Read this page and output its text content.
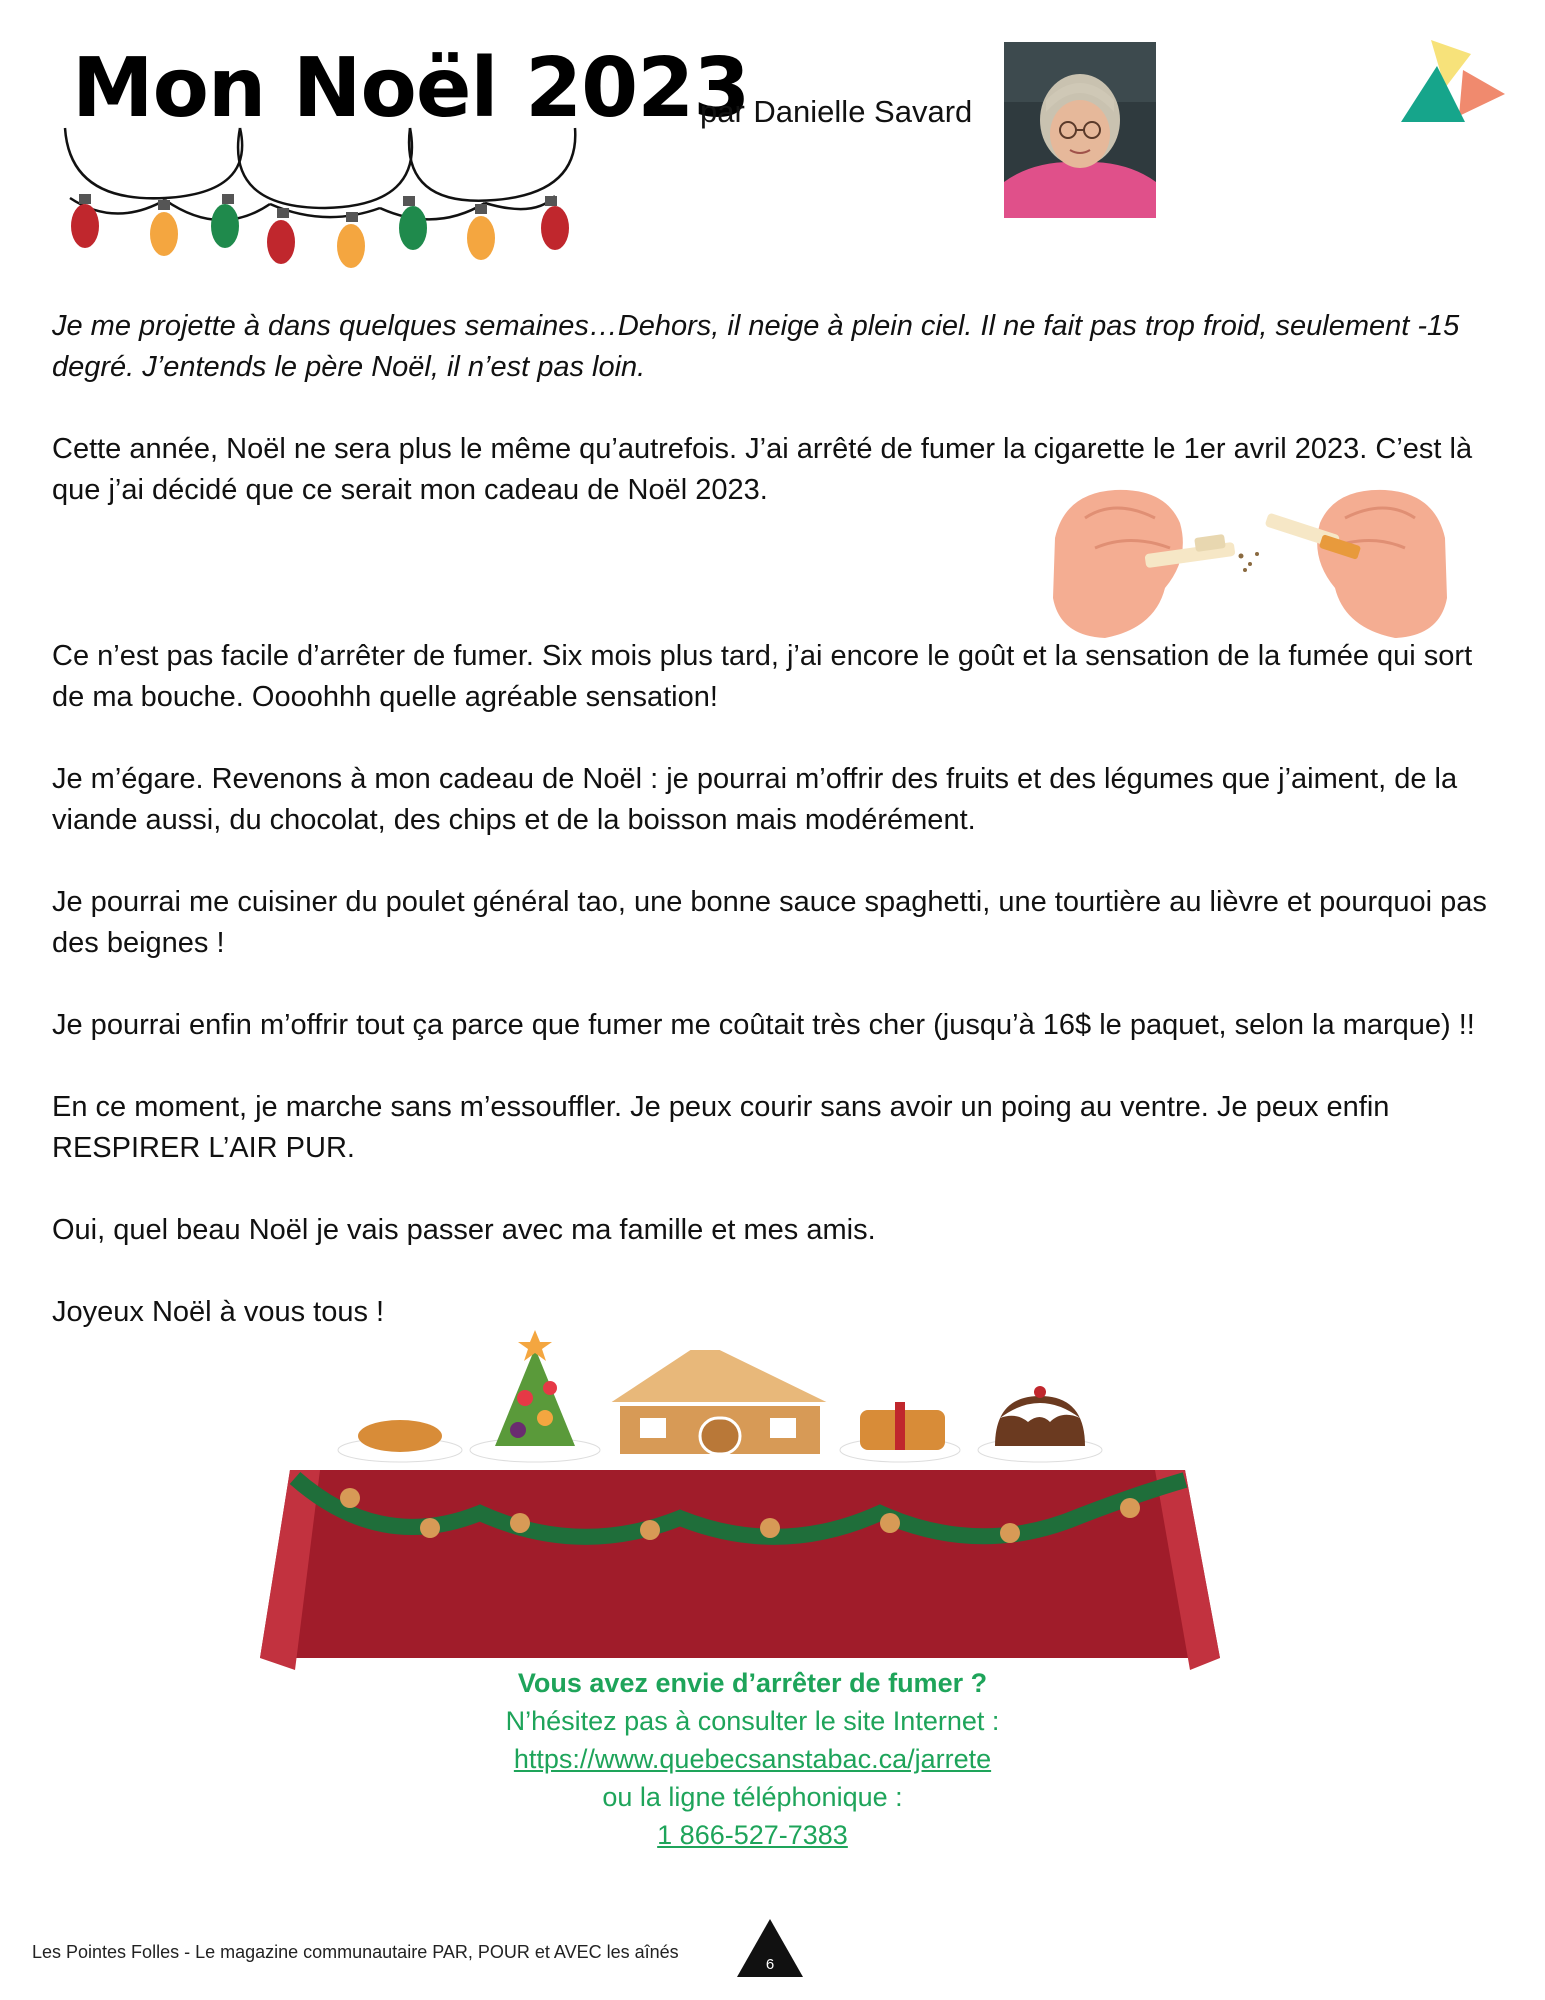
Mon Noël 2023
par Danielle Savard

Je me projette à dans quelques semaines…Dehors, il neige à plein ciel. Il ne fait pas trop froid, seulement -15 degré. J’entends le père Noël, il n’est pas loin.

Cette année, Noël ne sera plus le même qu’autrefois. J’ai arrêté de fumer la cigarette le 1er avril 2023. C’est là que j’ai décidé que ce serait mon cadeau de Noël 2023.

Ce n’est pas facile d’arrêter de fumer. Six mois plus tard, j’ai encore le goût et la sensation de la fumée qui sort de ma bouche. Oooohhh quelle agréable sensation!

Je m’égare. Revenons à mon cadeau de Noël : je pourrai m’offrir des fruits et des légumes que j’aiment, de la viande aussi, du chocolat, des chips et de la boisson mais modérément.

Je pourrai me cuisiner du poulet général tao, une bonne sauce spaghetti, une tourtière au lièvre et pourquoi pas des beignes !

Je pourrai enfin m’offrir tout ça parce que fumer me coûtait très cher (jusqu’à 16$ le paquet, selon la marque) !!

En ce moment, je marche sans m’essouffler. Je peux courir sans avoir un poing au ventre. Je peux enfin RESPIRER L’AIR PUR.

Oui, quel beau Noël je vais passer avec ma famille et mes amis.

Joyeux Noël à vous tous !

Vous avez envie d’arrêter de fumer ?
N’hésitez pas à consulter le site Internet :
https://www.quebecsanstabac.ca/jarrete
ou la ligne téléphonique :
1 866-527-7383
Les Pointes Folles - Le magazine communautaire PAR, POUR et AVEC les aînés
6
